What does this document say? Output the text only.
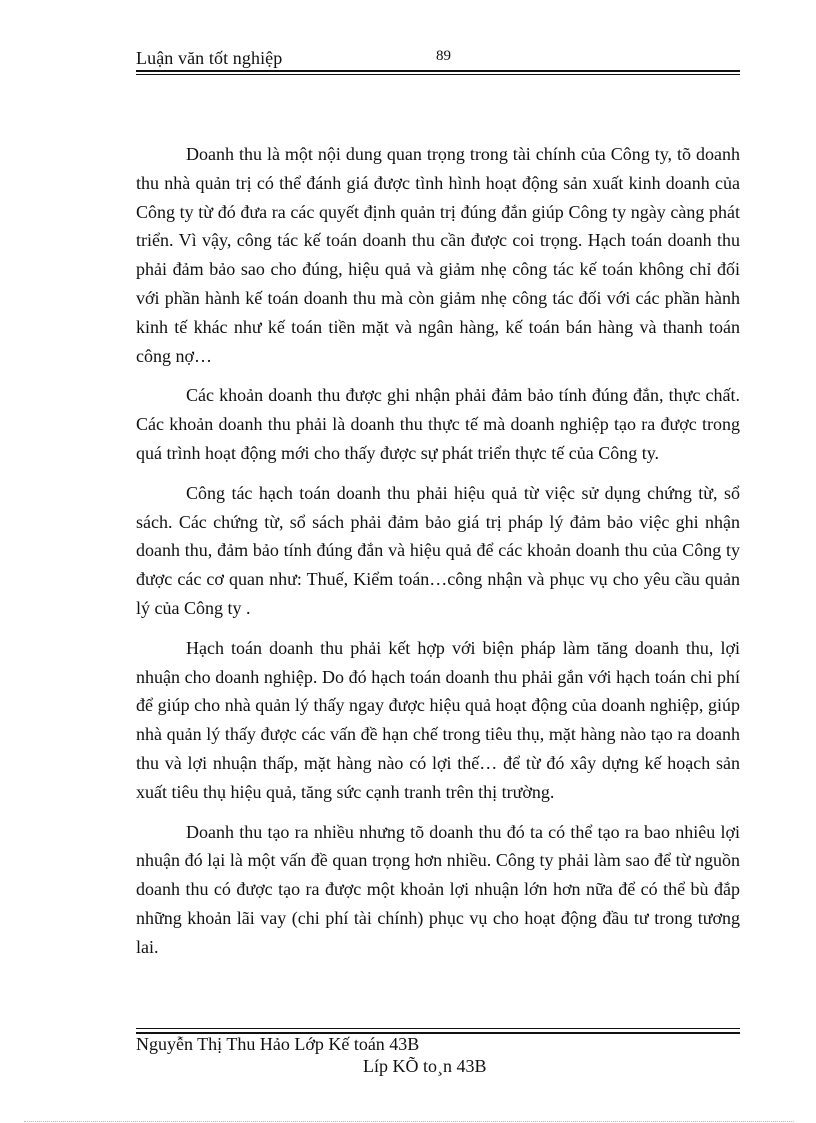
Luận văn tốt nghiệp	89

Doanh thu là một nội dung quan trọng trong tài chính của Công ty, tõ doanh thu nhà quản trị có thể đánh giá được tình hình hoạt động sản xuất kinh doanh của Công ty từ đó đưa ra các quyết định quản trị đúng đắn giúp Công ty ngày càng phát triển. Vì vậy, công tác kế toán doanh thu cần được coi trọng. Hạch toán doanh thu phải đảm bảo sao cho đúng, hiệu quả và giảm nhẹ công tác kế toán không chỉ đối với phần hành kế toán doanh thu mà còn giảm nhẹ công tác đối với các phần hành kinh tế khác như kế toán tiền mặt và ngân hàng, kế toán bán hàng và thanh toán công nợ…

Các khoản doanh thu được ghi nhận phải đảm bảo tính đúng đắn, thực chất. Các khoản doanh thu phải là doanh thu thực tế mà doanh nghiệp tạo ra được trong quá trình hoạt động mới cho thấy được sự phát triển thực tế của Công ty.

Công tác hạch toán doanh thu phải hiệu quả từ việc sử dụng chứng từ, sổ sách. Các chứng từ, sổ sách phải đảm bảo giá trị pháp lý đảm bảo việc ghi nhận doanh thu, đảm bảo tính đúng đắn và hiệu quả để các khoản doanh thu của Công ty được các cơ quan như: Thuế, Kiểm toán…công nhận và phục vụ cho yêu cầu quản lý của Công ty .

Hạch toán doanh thu phải kết hợp với biện pháp làm tăng doanh thu, lợi nhuận cho doanh nghiệp. Do đó hạch toán doanh thu phải gắn với hạch toán chi phí để giúp cho nhà quản lý thấy ngay được hiệu quả hoạt động của doanh nghiệp, giúp nhà quản lý thấy được các vấn đề hạn chế trong tiêu thụ, mặt hàng nào tạo ra doanh thu và lợi nhuận thấp, mặt hàng nào có lợi thế… để từ đó xây dựng kế hoạch sản xuất tiêu thụ hiệu quả, tăng sức cạnh tranh trên thị trường.

Doanh thu tạo ra nhiều nhưng tõ doanh thu đó ta có thể tạo ra bao nhiêu lợi nhuận đó lại là một vấn đề quan trọng hơn nhiều. Công ty phải làm sao để từ nguồn doanh thu có được tạo ra được một khoản lợi nhuận lớn hơn nữa để có thể bù đắp những khoản lãi vay (chi phí tài chính) phục vụ cho hoạt động đầu tư trong tương lai.

Nguyễn Thị Thu Hảo Lớp Kế toán 43B
Líp KÕ to¸n 43B
